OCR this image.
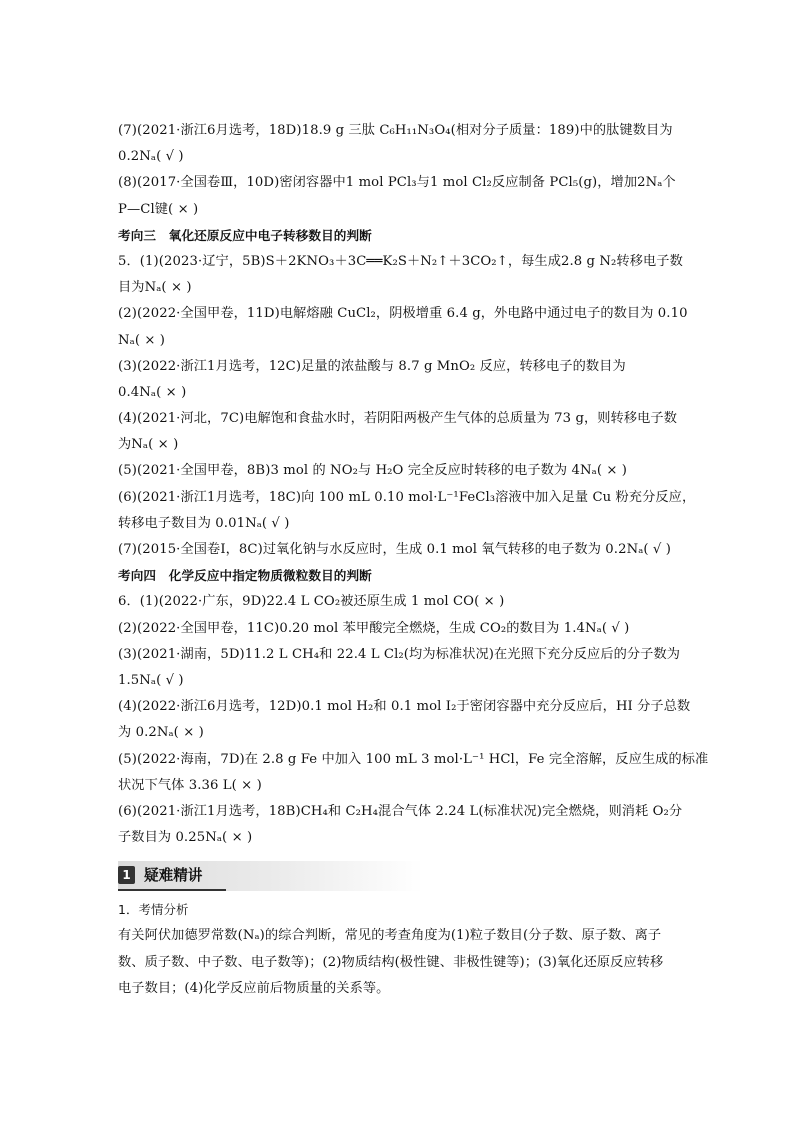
(7)(2021·浙江6月选考，18D)18.9 g 三肽 C₆H₁₁N₃O₄(相对分子质量：189)中的肽键数目为
0.2Nₐ( √ )
(8)(2017·全国卷Ⅲ，10D)密闭容器中1 mol PCl₃与1 mol Cl₂反应制备 PCl₅(g)，增加2Nₐ个
P—Cl键( × )
考向三　氧化还原反应中电子转移数目的判断
5．(1)(2023·辽宁，5B)S＋2KNO₃＋3C══K₂S＋N₂↑＋3CO₂↑，每生成2.8 g N₂转移电子数
目为Nₐ( × )
(2)(2022·全国甲卷，11D)电解熔融 CuCl₂，阴极增重 6.4 g，外电路中通过电子的数目为 0.10
Nₐ( × )
(3)(2022·浙江1月选考，12C)足量的浓盐酸与 8.7 g MnO₂ 反应，转移电子的数目为
0.4Nₐ( × )
(4)(2021·河北，7C)电解饱和食盐水时，若阴阳两极产生气体的总质量为 73 g，则转移电子数
为Nₐ( × )
(5)(2021·全国甲卷，8B)3 mol 的 NO₂与 H₂O 完全反应时转移的电子数为 4Nₐ( × )
(6)(2021·浙江1月选考，18C)向 100 mL 0.10 mol·L⁻¹FeCl₃溶液中加入足量 Cu 粉充分反应，
转移电子数目为 0.01Nₐ( √ )
(7)(2015·全国卷Ⅰ，8C)过氧化钠与水反应时，生成 0.1 mol 氧气转移的电子数为 0.2Nₐ( √ )
考向四　化学反应中指定物质微粒数目的判断
6．(1)(2022·广东，9D)22.4 L CO₂被还原生成 1 mol CO( × )
(2)(2022·全国甲卷，11C)0.20 mol 苯甲酸完全燃烧，生成 CO₂的数目为 1.4Nₐ( √ )
(3)(2021·湖南，5D)11.2 L CH₄和 22.4 L Cl₂(均为标准状况)在光照下充分反应后的分子数为
1.5Nₐ( √ )
(4)(2022·浙江6月选考，12D)0.1 mol H₂和 0.1 mol I₂于密闭容器中充分反应后，HI 分子总数
为 0.2Nₐ( × )
(5)(2022·海南，7D)在 2.8 g Fe 中加入 100 mL 3 mol·L⁻¹ HCl，Fe 完全溶解，反应生成的标准
状况下气体 3.36 L( × )
(6)(2021·浙江1月选考，18B)CH₄和 C₂H₄混合气体 2.24 L(标准状况)完全燃烧，则消耗 O₂分
子数目为 0.25Nₐ( × )
1 疑难精讲
1．考情分析
有关阿伏加德罗常数(Nₐ)的综合判断，常见的考查角度为(1)粒子数目(分子数、原子数、离子
数、质子数、中子数、电子数等)；(2)物质结构(极性键、非极性键等)；(3)氧化还原反应转移
电子数目；(4)化学反应前后物质量的关系等。
